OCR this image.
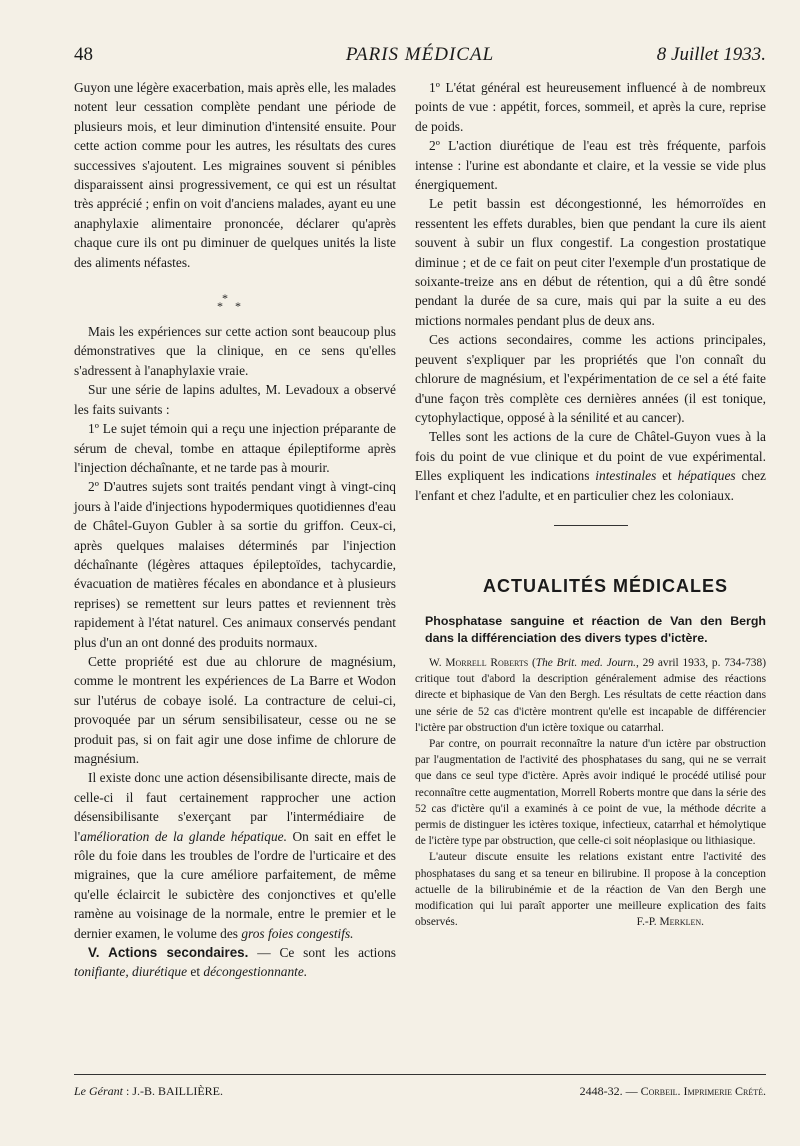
48	PARIS MÉDICAL	8 Juillet 1933.

Guyon une légère exacerbation, mais après elle, les malades notent leur cessation complète pendant une période de plusieurs mois, et leur diminution d'intensité ensuite. Pour cette action comme pour les autres, les résultats des cures successives s'ajoutent. Les migraines souvent si pénibles disparaissent ainsi progressivement, ce qui est un résultat très apprécié ; enfin on voit d'anciens malades, ayant eu une anaphylaxie alimentaire prononcée, déclarer qu'après chaque cure ils ont pu diminuer de quelques unités la liste des aliments néfastes.

*
* *

Mais les expériences sur cette action sont beaucoup plus démonstratives que la clinique, en ce sens qu'elles s'adressent à l'anaphylaxie vraie.

Sur une série de lapins adultes, M. Levadoux a observé les faits suivants :

1º Le sujet témoin qui a reçu une injection préparante de sérum de cheval, tombe en attaque épileptiforme après l'injection déchaînante, et ne tarde pas à mourir.

2º D'autres sujets sont traités pendant vingt à vingt-cinq jours à l'aide d'injections hypodermiques quotidiennes d'eau de Châtel-Guyon Gubler à sa sortie du griffon. Ceux-ci, après quelques malaises déterminés par l'injection déchaînante (légères attaques épileptoïdes, tachycardie, évacuation de matières fécales en abondance et à plusieurs reprises) se remettent sur leurs pattes et reviennent très rapidement à l'état naturel. Ces animaux conservés pendant plus d'un an ont donné des produits normaux.

Cette propriété est due au chlorure de magnésium, comme le montrent les expériences de La Barre et Wodon sur l'utérus de cobaye isolé. La contracture de celui-ci, provoquée par un sérum sensibilisateur, cesse ou ne se produit pas, si on fait agir une dose infime de chlorure de magnésium.

Il existe donc une action désensibilisante directe, mais de celle-ci il faut certainement rapprocher une action désensibilisante s'exerçant par l'intermédiaire de l'amélioration de la glande hépatique. On sait en effet le rôle du foie dans les troubles de l'ordre de l'urticaire et des migraines, que la cure améliore parfaitement, de même qu'elle éclaircit le subictère des conjonctives et qu'elle ramène au voisinage de la normale, entre le premier et le dernier examen, le volume des gros foies congestifs.

V. Actions secondaires. — Ce sont les actions tonifiante, diurétique et décongestionnante.

1º L'état général est heureusement influencé à de nombreux points de vue : appétit, forces, sommeil, et après la cure, reprise de poids.

2º L'action diurétique de l'eau est très fréquente, parfois intense : l'urine est abondante et claire, et la vessie se vide plus énergiquement.

Le petit bassin est décongestionné, les hémorroïdes en ressentent les effets durables, bien que pendant la cure ils aient souvent à subir un flux congestif. La congestion prostatique diminue ; et de ce fait on peut citer l'exemple d'un prostatique de soixante-treize ans en début de rétention, qui a dû être sondé pendant la durée de sa cure, mais qui par la suite a eu des mictions normales pendant plus de deux ans.

Ces actions secondaires, comme les actions principales, peuvent s'expliquer par les propriétés que l'on connaît du chlorure de magnésium, et l'expérimentation de ce sel a été faite d'une façon très complète ces dernières années (il est tonique, cytophylactique, opposé à la sénilité et au cancer).

Telles sont les actions de la cure de Châtel-Guyon vues à la fois du point de vue clinique et du point de vue expérimental. Elles expliquent les indications intestinales et hépatiques chez l'enfant et chez l'adulte, et en particulier chez les coloniaux.

ACTUALITÉS MÉDICALES

Phosphatase sanguine et réaction de Van den Bergh dans la différenciation des divers types d'ictère.

W. Morrell Roberts (The Brit. med. Journ., 29 avril 1933, p. 734-738) critique tout d'abord la description généralement admise des réactions directe et biphasique de Van den Bergh. Les résultats de cette réaction dans une série de 52 cas d'ictère montrent qu'elle est incapable de différencier l'ictère par obstruction d'un ictère toxique ou catarrhal.

Par contre, on pourrait reconnaître la nature d'un ictère par obstruction par l'augmentation de l'activité des phosphatases du sang, qui ne se verrait que dans ce seul type d'ictère. Après avoir indiqué le procédé utilisé pour reconnaître cette augmentation, Morrell Roberts montre que dans la série des 52 cas d'ictère qu'il a examinés à ce point de vue, la méthode décrite a permis de distinguer les ictères toxique, infectieux, catarrhal et hémolytique de l'ictère type par obstruction, que celle-ci soit néoplasique ou lithiasique.

L'auteur discute ensuite les relations existant entre l'activité des phosphatases du sang et sa teneur en bilirubine. Il propose à la conception actuelle de la bilirubinémie et de la réaction de Van den Bergh une modification qui lui paraît apporter une meilleure explication des faits observés.	F.-P. Merklen.

Le Gérant : J.-B. BAILLIÈRE.	2448-32. — Corbeil. Imprimerie Crété.
